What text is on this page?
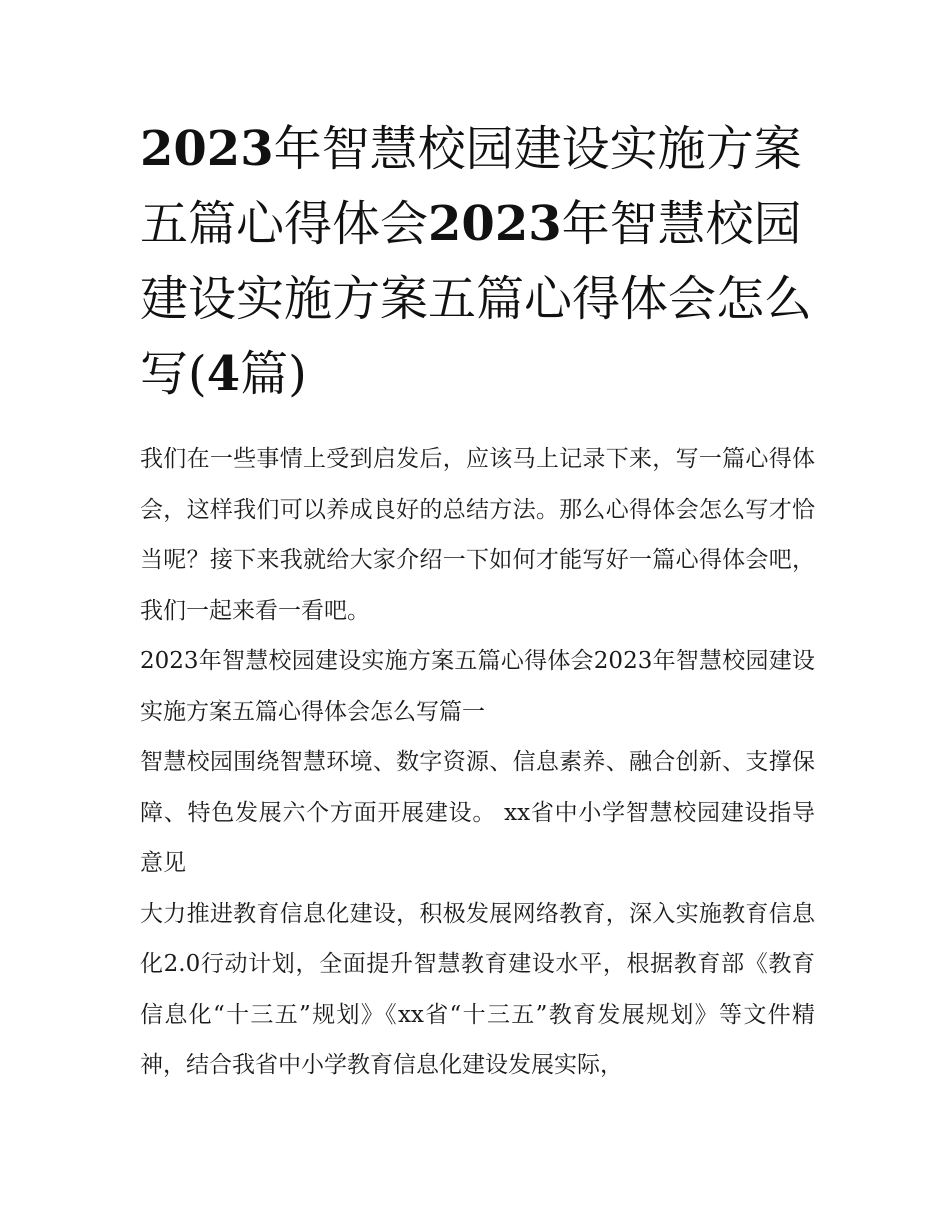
2023年智慧校园建设实施方案五篇心得体会2023年智慧校园建设实施方案五篇心得体会怎么写(4篇)

我们在一些事情上受到启发后，应该马上记录下来，写一篇心得体会，这样我们可以养成良好的总结方法。那么心得体会怎么写才恰当呢？接下来我就给大家介绍一下如何才能写好一篇心得体会吧，我们一起来看一看吧。

2023年智慧校园建设实施方案五篇心得体会2023年智慧校园建设实施方案五篇心得体会怎么写篇一

智慧校园围绕智慧环境、数字资源、信息素养、融合创新、支撑保障、特色发展六个方面开展建设。 xx省中小学智慧校园建设指导意见

大力推进教育信息化建设，积极发展网络教育，深入实施教育信息化2.0行动计划，全面提升智慧教育建设水平，根据教育部《教育信息化“十三五”规划》《xx省“十三五”教育发展规划》等文件精神，结合我省中小学教育信息化建设发展实际，
